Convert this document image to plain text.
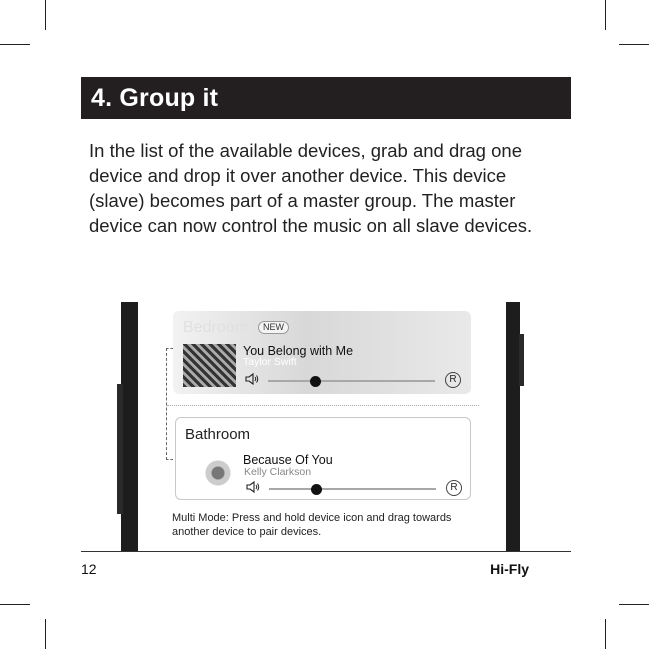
4. Group it

In the list of the available devices, grab and drag one device and drop it over another device. This device (slave) becomes part of a master group. The master device can now control the music on all slave devices.

Bedroom	NEW
You Belong with Me
Taylor Swift
R
Bathroom
Because Of You
Kelly Clarkson
R
Multi Mode: Press and hold device icon and drag towards another device to pair devices.
12	Hi-Fly
